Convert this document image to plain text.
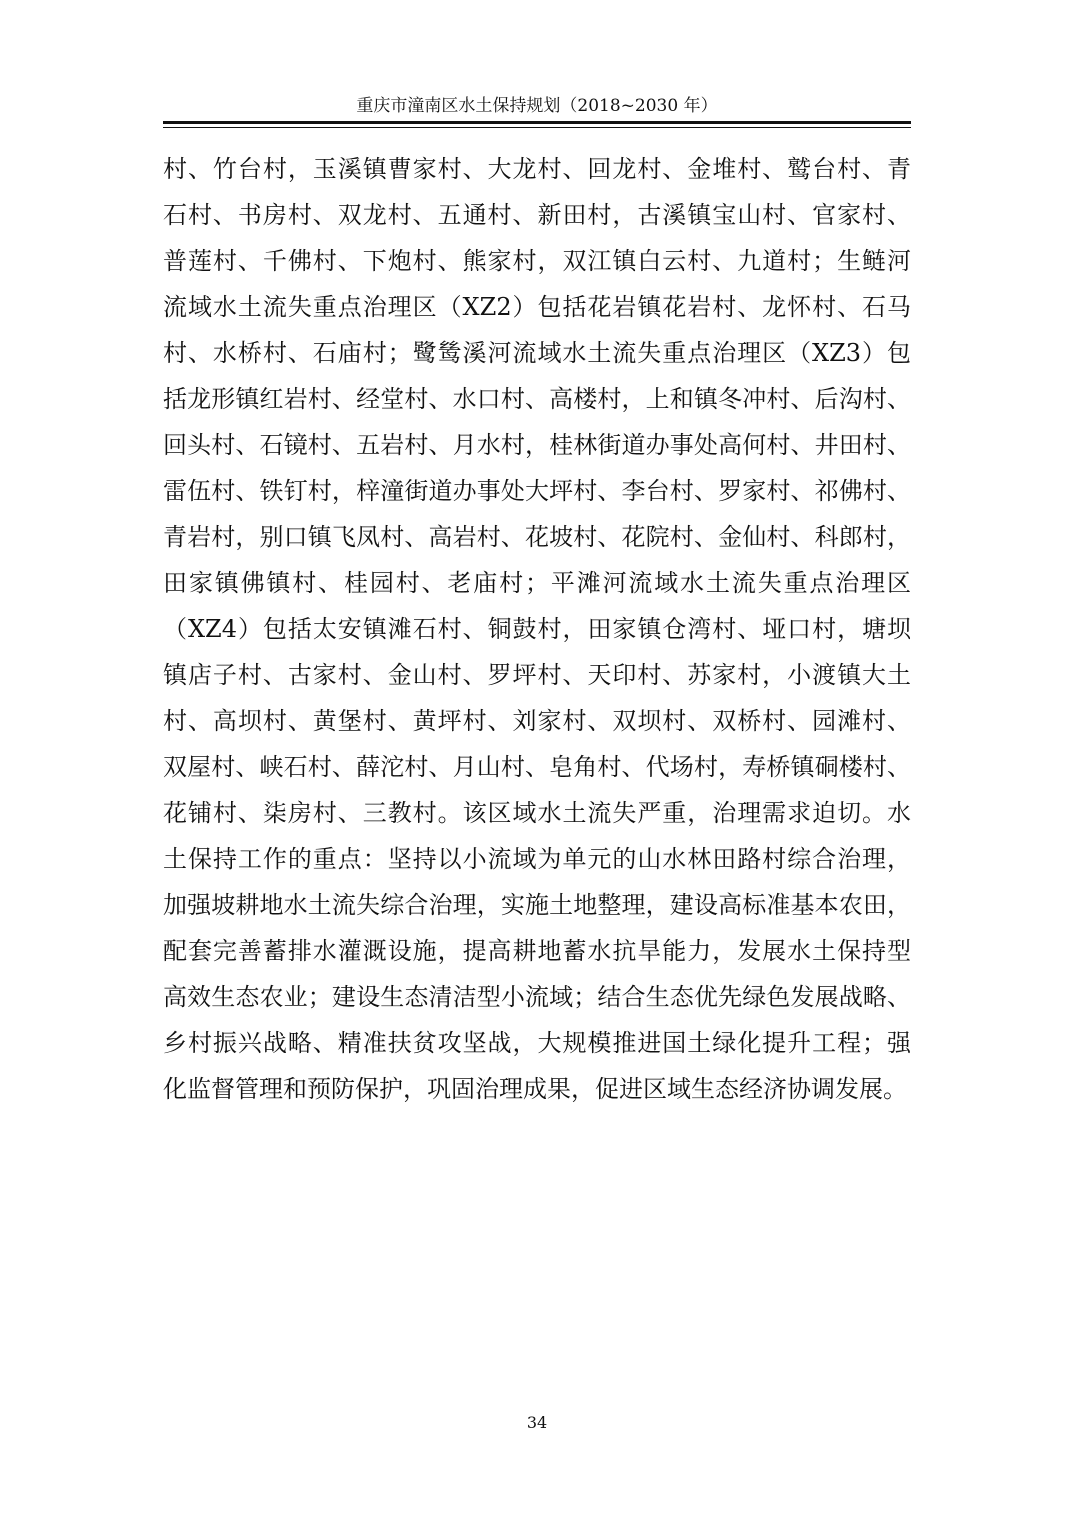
重庆市潼南区水土保持规划（2018~2030 年）
村、竹台村，玉溪镇曹家村、大龙村、回龙村、金堆村、鹫台村、青
石村、书房村、双龙村、五通村、新田村，古溪镇宝山村、官家村、
普莲村、千佛村、下炮村、熊家村，双江镇白云村、九道村；生鲢河
流域水土流失重点治理区（XZ2）包括花岩镇花岩村、龙怀村、石马
村、水桥村、石庙村；鹭鸶溪河流域水土流失重点治理区（XZ3）包
括龙形镇红岩村、经堂村、水口村、高楼村，上和镇冬冲村、后沟村、
回头村、石镜村、五岩村、月水村，桂林街道办事处高何村、井田村、
雷伍村、铁钉村，梓潼街道办事处大坪村、李台村、罗家村、祁佛村、
青岩村，别口镇飞凤村、高岩村、花坡村、花院村、金仙村、科郎村，
田家镇佛镇村、桂园村、老庙村；平滩河流域水土流失重点治理区
（XZ4）包括太安镇滩石村、铜鼓村，田家镇仓湾村、垭口村，塘坝
镇店子村、古家村、金山村、罗坪村、天印村、苏家村，小渡镇大土
村、高坝村、黄堡村、黄坪村、刘家村、双坝村、双桥村、园滩村、
双屋村、峡石村、薛沱村、月山村、皂角村、代场村，寿桥镇硐楼村、
花铺村、柒房村、三教村。该区域水土流失严重，治理需求迫切。水
土保持工作的重点：坚持以小流域为单元的山水林田路村综合治理，
加强坡耕地水土流失综合治理，实施土地整理，建设高标准基本农田，
配套完善蓄排水灌溉设施，提高耕地蓄水抗旱能力，发展水土保持型
高效生态农业；建设生态清洁型小流域；结合生态优先绿色发展战略、
乡村振兴战略、精准扶贫攻坚战，大规模推进国土绿化提升工程；强
化监督管理和预防保护，巩固治理成果，促进区域生态经济协调发展。
34
